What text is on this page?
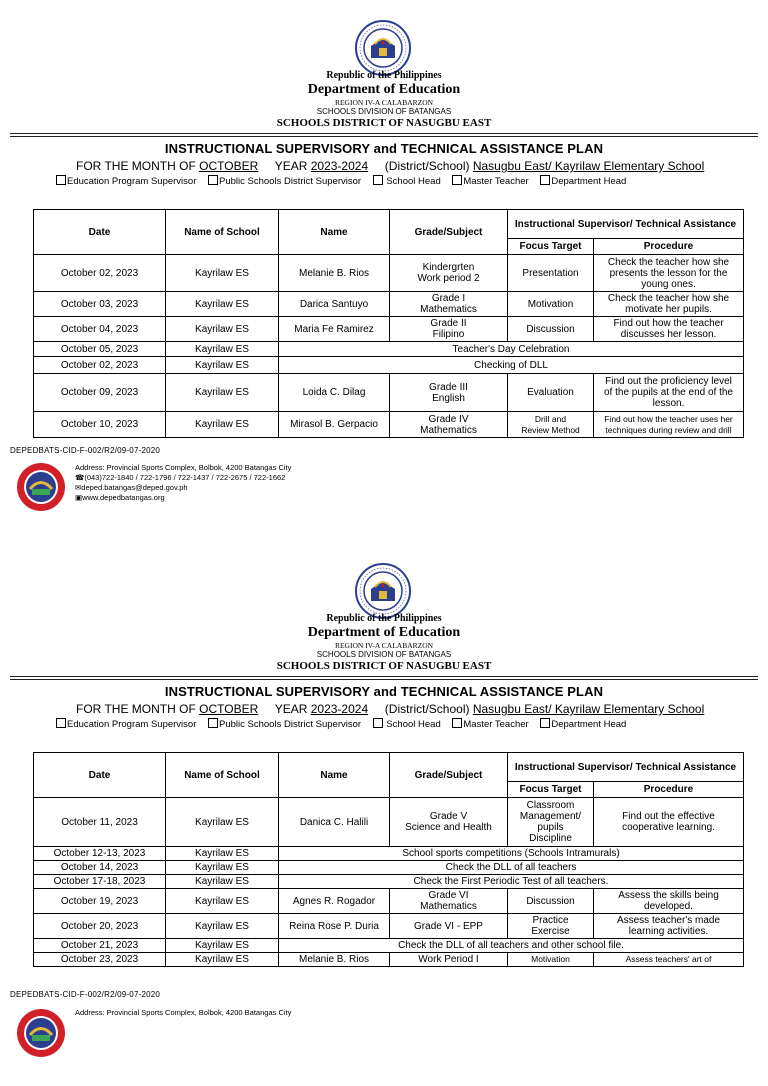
Republic of the Philippines
Department of Education
REGION IV-A CALABARZON
SCHOOLS DIVISION OF BATANGAS
SCHOOLS DISTRICT OF NASUGBU EAST
INSTRUCTIONAL SUPERVISORY and TECHNICAL ASSISTANCE PLAN
FOR THE MONTH OF OCTOBER YEAR 2023-2024 (District/School) Nasugbu East/ Kayrilaw Elementary School
Education Program Supervisor Public Schools District Supervisor	School Head Master Teacher Department Head
Date	Name of School	Name	Grade/Subject	Instructional Supervisor/ Technical Assistance	
				Focus Target	Procedure
October 02, 2023	Kayrilaw ES	Melanie B. Rios	Kindergrten
Work period 2	Presentation	Check the teacher how she
presents the lesson for the
young ones.
October 03, 2023	Kayrilaw ES	Darica Santuyo	Grade I
Mathematics	Motivation	Check the teacher how she
motivate her pupils.
October 04, 2023	Kayrilaw ES	Maria Fe Ramirez	Grade II
Filipino	Discussion	Find out how the teacher
discusses her lesson.
October 05, 2023	Kayrilaw ES	Teacher's Day Celebration			
October 02, 2023	Kayrilaw ES	Checking of DLL			
October 09, 2023	Kayrilaw ES	Loida C. Dilag	Grade III
English	Evaluation	Find out the proficiency level
of the pupils at the end of the
lesson.
October 10, 2023	Kayrilaw ES	Mirasol B. Gerpacio	Grade IV
Mathematics	Drill and
Review Method	Find out how the teacher uses her
techniques during review and drill
DEPEDBATS-CID-F-002/R2/09-07-2020
Address: Provincial Sports Complex, Bolbok, 4200 Batangas City
☎(043)722-1840 / 722-1796 / 722-1437 / 722-2675 / 722-1662
✉deped.batangas@deped.gov.ph
▣www.depedbatangas.org
Republic of the Philippines
Department of Education
REGION IV-A CALABARZON
SCHOOLS DIVISION OF BATANGAS
SCHOOLS DISTRICT OF NASUGBU EAST
INSTRUCTIONAL SUPERVISORY and TECHNICAL ASSISTANCE PLAN
FOR THE MONTH OF OCTOBER YEAR 2023-2024 (District/School) Nasugbu East/ Kayrilaw Elementary School
Education Program Supervisor Public Schools District Supervisor	School Head Master Teacher Department Head
Date	Name of School	Name	Grade/Subject	Instructional Supervisor/ Technical Assistance	
				Focus Target	Procedure
October 11, 2023	Kayrilaw ES	Danica C. Halili	Grade V
Science and Health	Classroom
Management/
pupils
Discipline	Find out the effective
cooperative learning.
October 12-13, 2023	Kayrilaw ES	School sports competitions (Schools Intramurals)			
October 14, 2023	Kayrilaw ES	Check the DLL of all teachers			
October 17-18, 2023	Kayrilaw ES	Check the First Periodic Test of all teachers.			
October 19, 2023	Kayrilaw ES	Agnes R. Rogador	Grade VI
Mathematics	Discussion	Assess the skills being
developed.
October 20, 2023	Kayrilaw ES	Reina Rose P. Duria	Grade VI - EPP	Practice
Exercise	Assess teacher's made
learning activities.
October 21, 2023	Kayrilaw ES	Check the DLL of all teachers and other school file.			
October 23, 2023	Kayrilaw ES	Melanie B. Rios	Work Period I	Motivation	Assess teachers' art of
DEPEDBATS-CID-F-002/R2/09-07-2020
Address: Provincial Sports Complex, Bolbok, 4200 Batangas City
